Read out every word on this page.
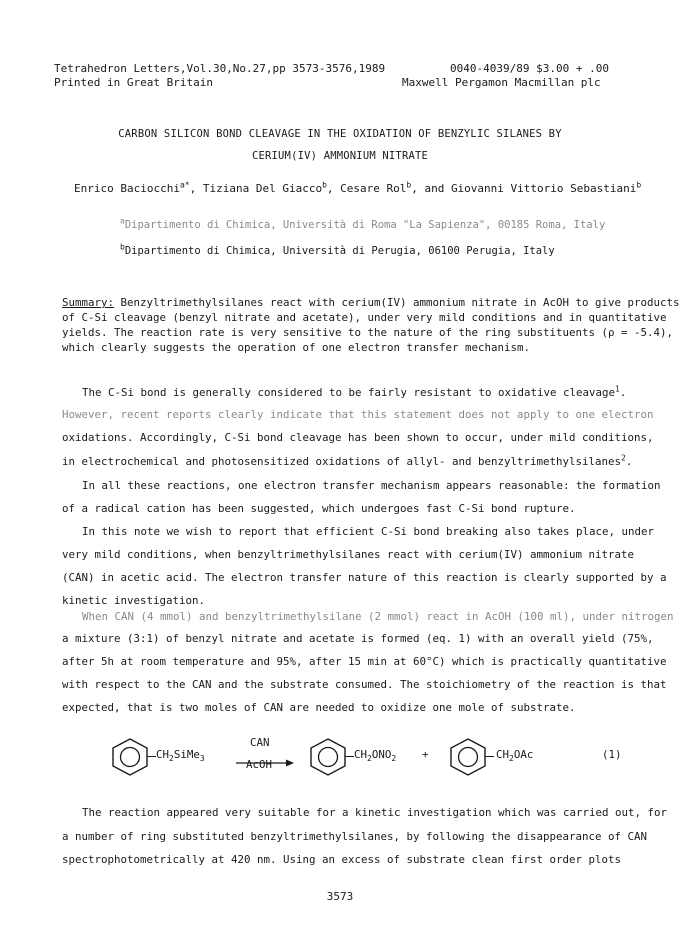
Tetrahedron Letters,Vol.30,No.27,pp 3573-3576,1989	0040-4039/89 $3.00 + .00
Printed in Great Britain	Maxwell Pergamon Macmillan plc
CARBON SILICON BOND CLEAVAGE IN THE OXIDATION OF BENZYLIC SILANES BY
CERIUM(IV) AMMONIUM NITRATE
Enrico Baciocchi$^{a*}$, Tiziana Del Giacco$^b$, Cesare Rol$^b$, and Giovanni Vittorio Sebastiani$^b$
$^a$Dipartimento di Chimica, Università di Roma "La Sapienza", 00185 Roma, Italy
$^b$Dipartimento di Chimica, Università di Perugia, 06100 Perugia, Italy
Summary: Benzyltrimethylsilanes react with cerium(IV) ammonium nitrate in AcOH to give products
of C-Si cleavage (benzyl nitrate and acetate), under very mild conditions and in quantitative
yields. The reaction rate is very sensitive to the nature of the ring substituents (ρ = -5.4),
which clearly suggests the operation of one electron transfer mechanism.
The C-Si bond is generally considered to be fairly resistant to oxidative cleavage$^1$.
However, recent reports clearly indicate that this statement does not apply to one electron
oxidations. Accordingly, C-Si bond cleavage has been shown to occur, under mild conditions,
in electrochemical and photosensitized oxidations of allyl- and benzyltrimethylsilanes$^2$.
In all these reactions, one electron transfer mechanism appears reasonable: the formation
of a radical cation has been suggested, which undergoes fast C-Si bond rupture.
In this note we wish to report that efficient C-Si bond breaking also takes place, under
very mild conditions, when benzyltrimethylsilanes react with cerium(IV) ammonium nitrate
(CAN) in acetic acid. The electron transfer nature of this reaction is clearly supported by a
kinetic investigation.
When CAN (4 mmol) and benzyltrimethylsilane (2 mmol) react in AcOH (100 ml), under nitrogen
a mixture (3:1) of benzyl nitrate and acetate is formed (eq. 1) with an overall yield (75%,
after 5h at room temperature and 95%, after 15 min at 60°C) which is practically quantitative
with respect to the CAN and the substrate consumed. The stoichiometry of the reaction is that
expected, that is two moles of CAN are needed to oxidize one mole of substrate.
$CH_2SiMe_3$
CAN
AcOH
$CH_2ONO_2$ +	$CH_2OAc$	(1)
The reaction appeared very suitable for a kinetic investigation which was carried out, for
a number of ring substituted benzyltrimethylsilanes, by following the disappearance of CAN
spectrophotometrically at 420 nm. Using an excess of substrate clean first order plots
3573
